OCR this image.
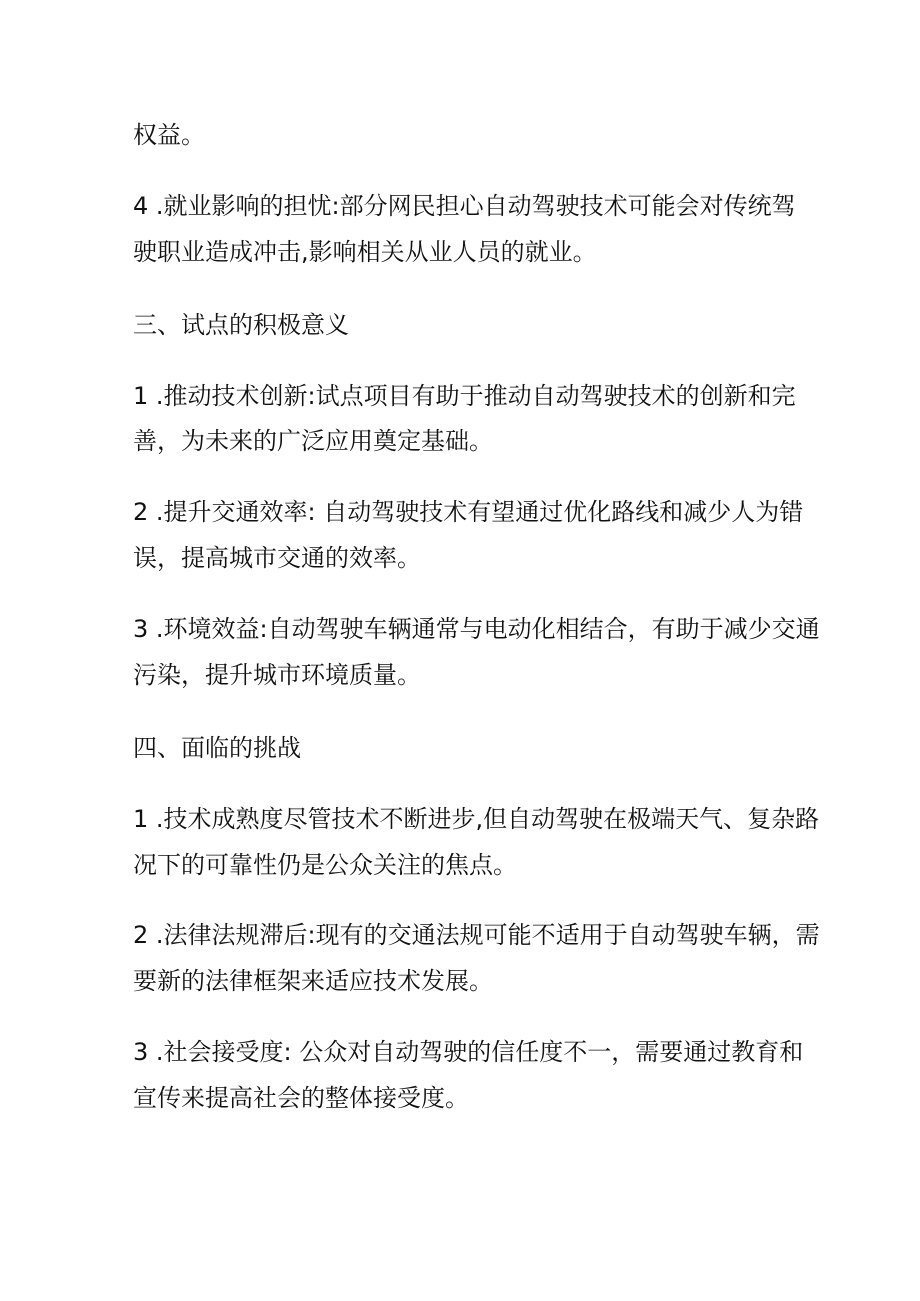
权益。
4 .就业影响的担忧:部分网民担心自动驾驶技术可能会对传统驾
驶职业造成冲击,影响相关从业人员的就业。
三、试点的积极意义
1 .推动技术创新:试点项目有助于推动自动驾驶技术的创新和完
善，为未来的广泛应用奠定基础。
2 .提升交通效率: 自动驾驶技术有望通过优化路线和减少人为错
误，提高城市交通的效率。
3 .环境效益:自动驾驶车辆通常与电动化相结合，有助于减少交通
污染，提升城市环境质量。
四、面临的挑战
1 .技术成熟度尽管技术不断进步,但自动驾驶在极端天气、复杂路
况下的可靠性仍是公众关注的焦点。
2 .法律法规滞后:现有的交通法规可能不适用于自动驾驶车辆，需
要新的法律框架来适应技术发展。
3 .社会接受度: 公众对自动驾驶的信任度不一，需要通过教育和
宣传来提高社会的整体接受度。
